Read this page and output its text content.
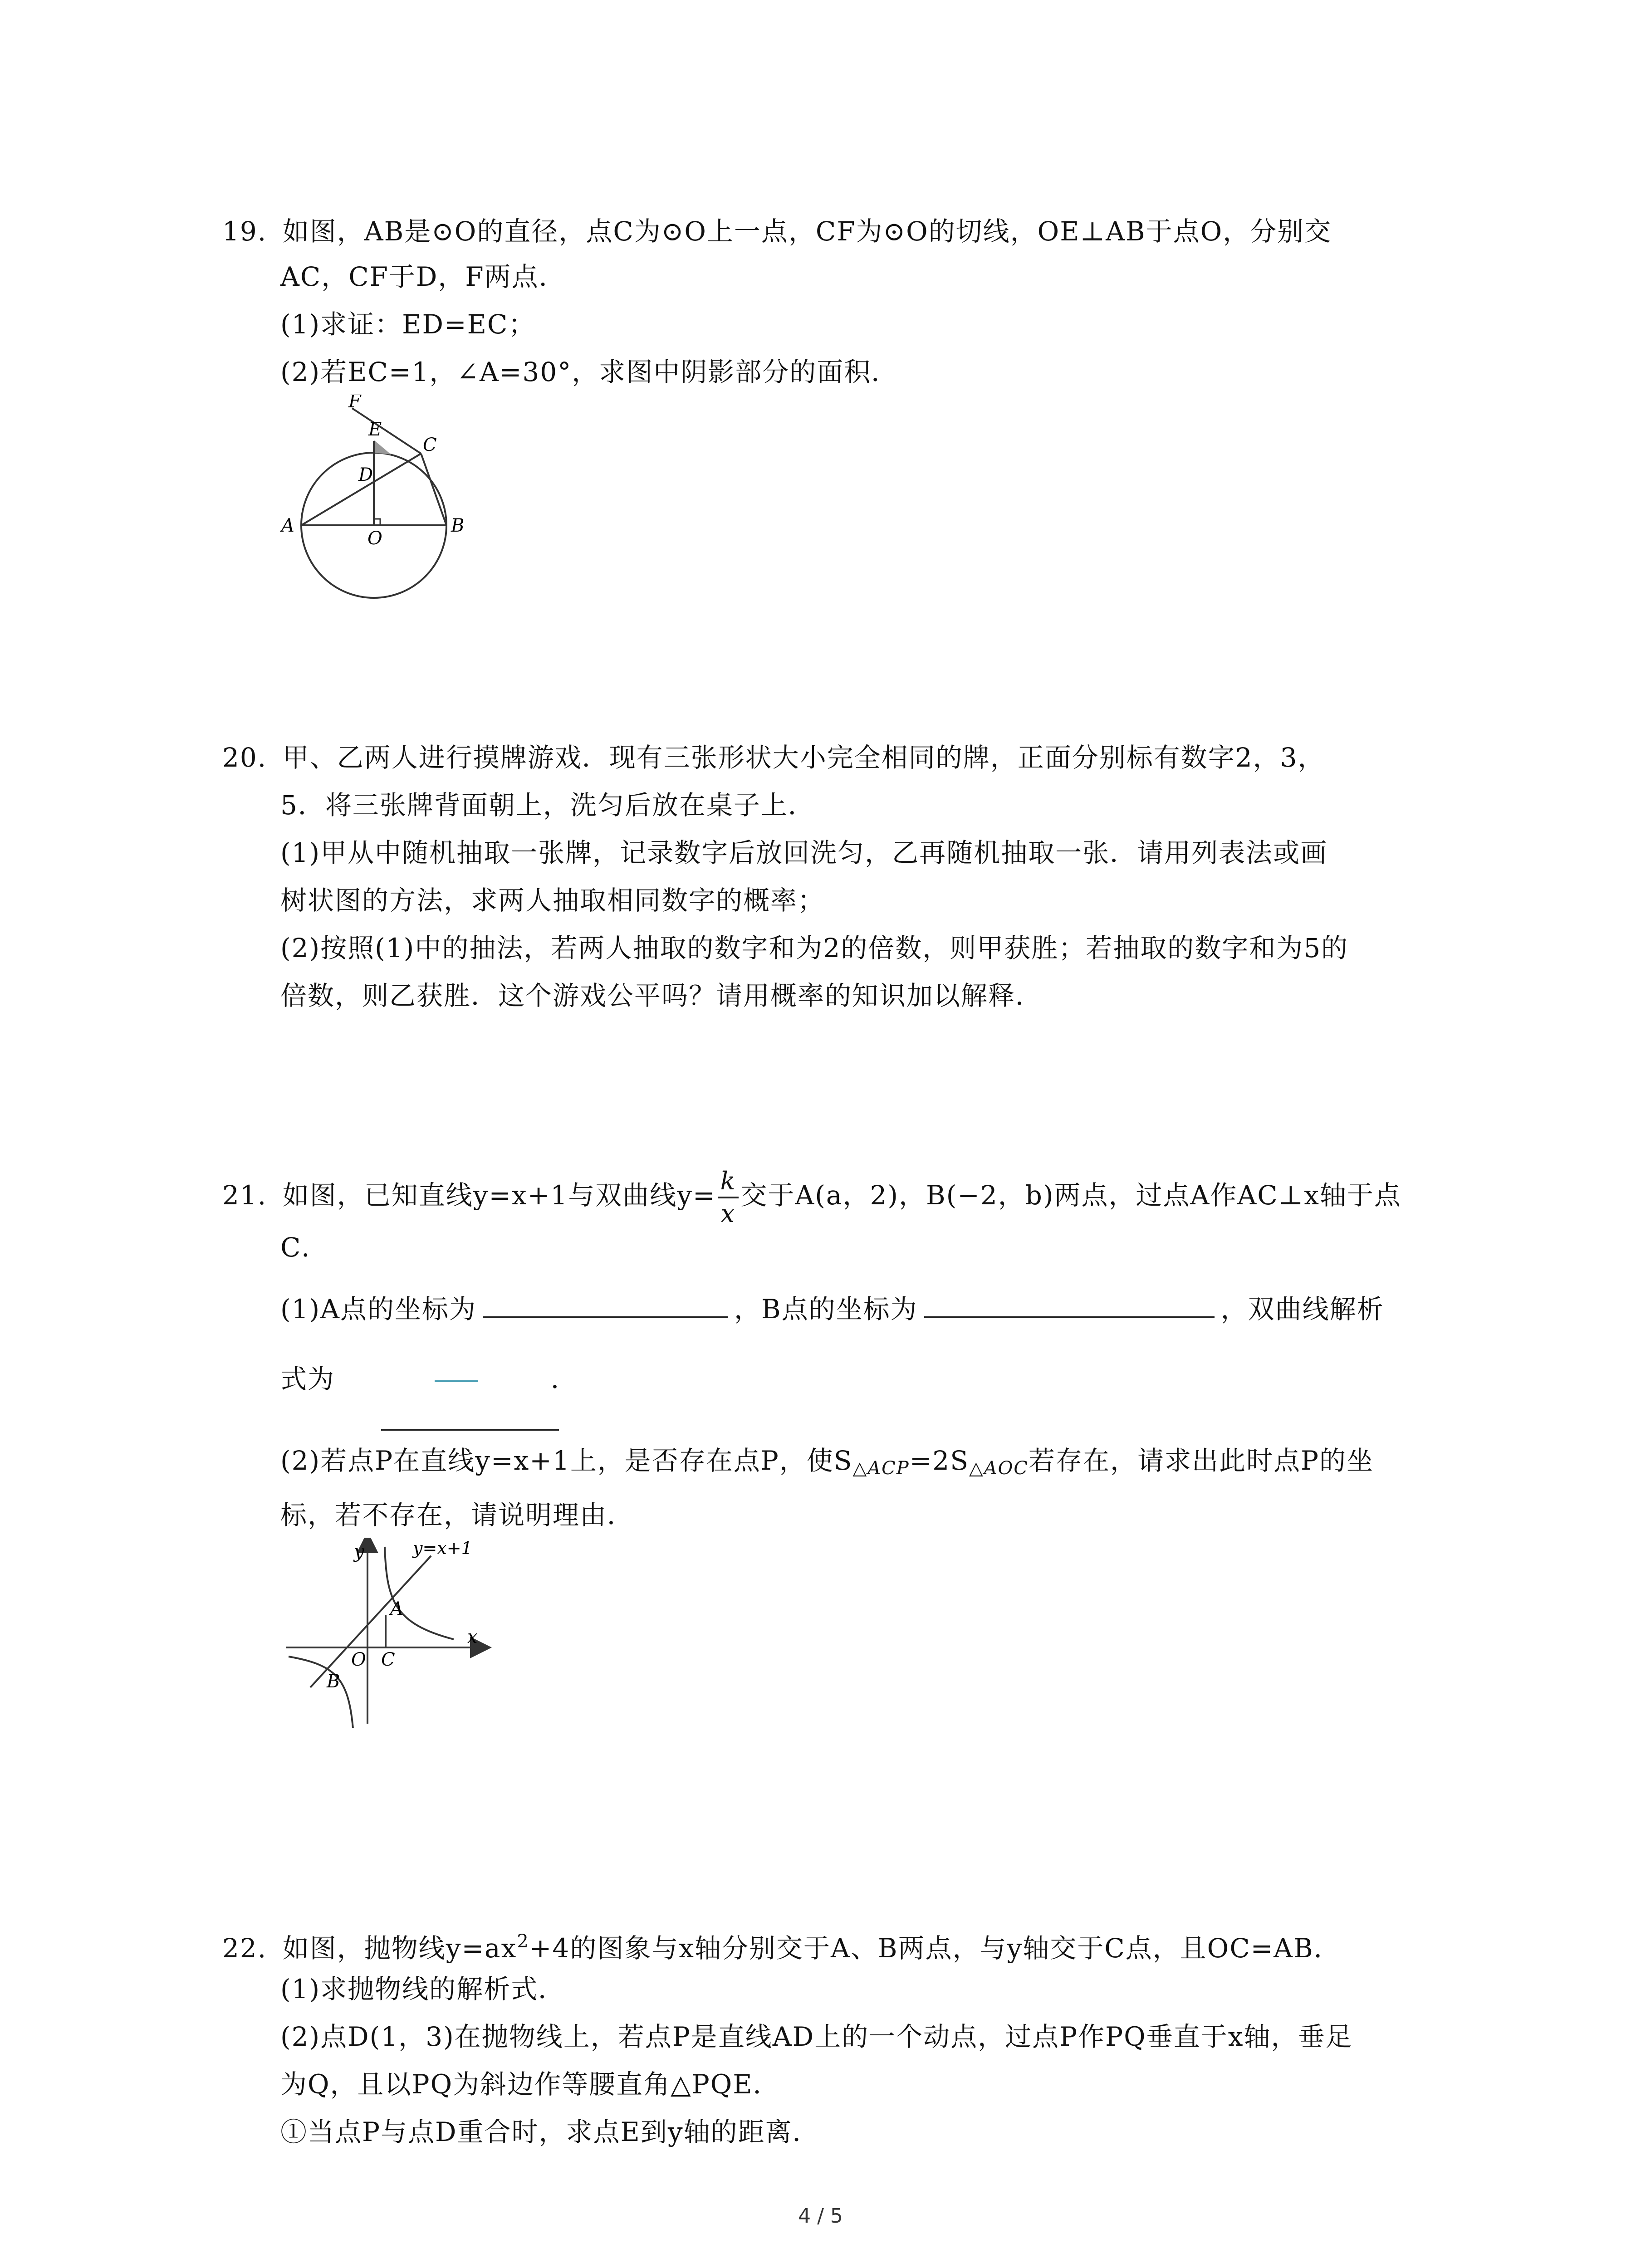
19. 如图，AB是⊙O的直径，点C为⊙O上一点，CF为⊙O的切线，OE⊥AB于点O，分别交
AC，CF于D，F两点．
(1)求证：ED=EC；
(2)若EC=1，∠A=30°，求图中阴影部分的面积．
F
E
C
D
A
O
B
20. 甲、乙两人进行摸牌游戏．现有三张形状大小完全相同的牌，正面分别标有数字2，3，
5．将三张牌背面朝上，洗匀后放在桌子上．
(1)甲从中随机抽取一张牌，记录数字后放回洗匀，乙再随机抽取一张．请用列表法或画
树状图的方法，求两人抽取相同数字的概率；
(2)按照(1)中的抽法，若两人抽取的数字和为2的倍数，则甲获胜；若抽取的数字和为5的
倍数，则乙获胜．这个游戏公平吗？请用概率的知识加以解释．
21. 如图，已知直线y=x+1与双曲线$y= \frac{k}{x}$ 交于A(a，2)，B(−2，b)两点，过点A作AC⊥x轴于点
C．
(1)A点的坐标为	，B点的坐标为	，双曲线解析
式为	．
(2)若点P在直线y=x+1上，是否存在点P，使$S_{\triangle ACP}=2S_{\triangle AOC}$若存在，请求出此时点P的坐
标，若不存在，请说明理由．
y	y=x+1
A
O C
x
B
22. 如图，抛物线$y=ax^2+4$的图象与x轴分别交于A、B两点，与y轴交于C点，且OC=AB．
(1)求抛物线的解析式．
(2)点D(1，3)在抛物线上，若点P是直线AD上的一个动点，过点P作PQ垂直于x轴，垂足
为Q，且以PQ为斜边作等腰直角△PQE．
①当点P与点D重合时，求点E到y轴的距离．
4 / 5
